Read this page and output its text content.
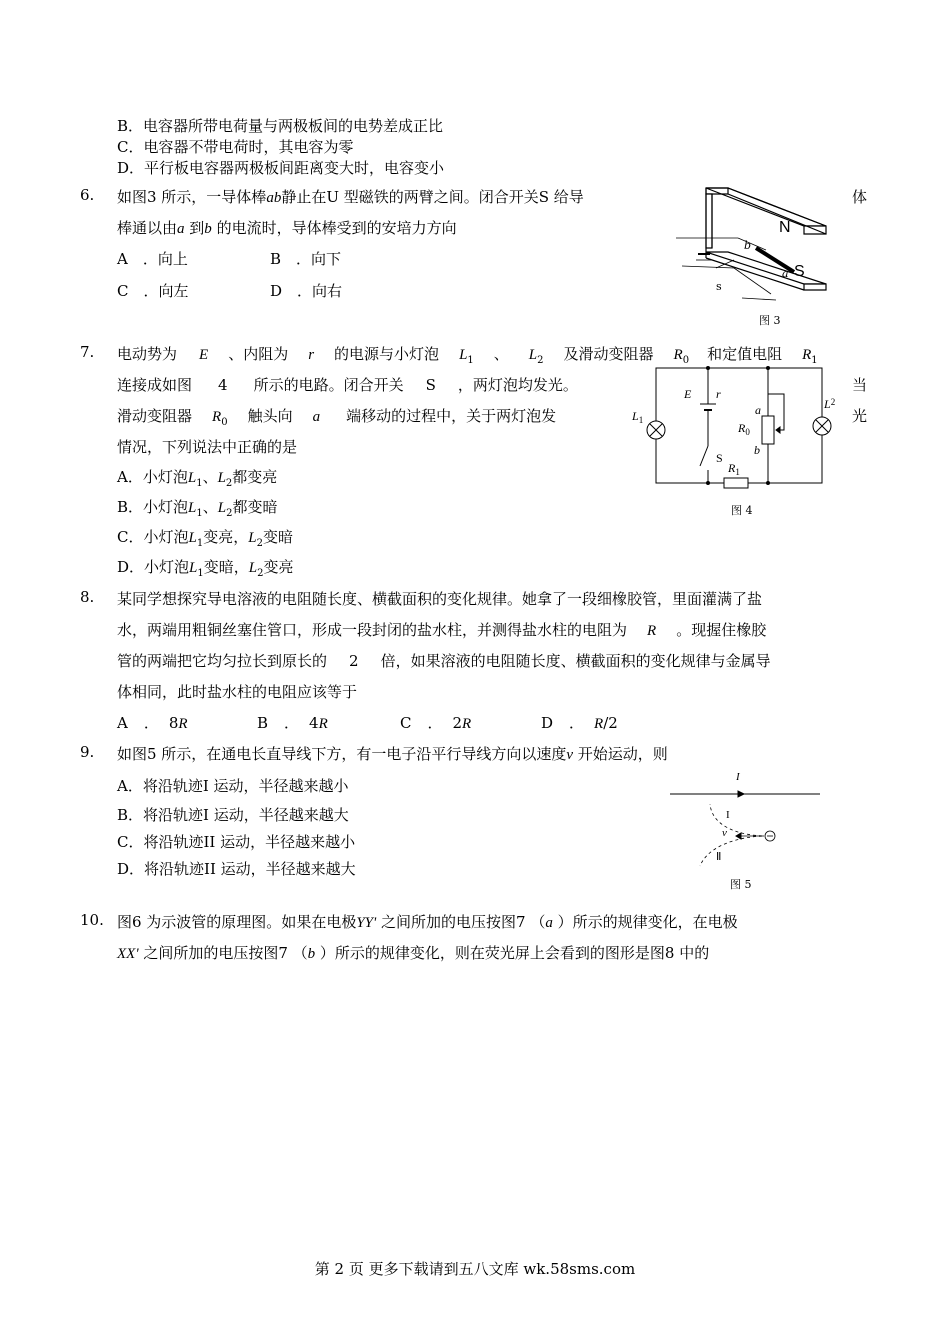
B．电容器所带电荷量与两极板间的电势差成正比
C．电容器不带电荷时，其电容为零
D．平行板电容器两极板间距离变大时，电容变小
6. 如图3 所示，一导体棒ab静止在U 型磁铁的两臂之间。闭合开关S 给导	体
棒通以由a 到b 的电流时，导体棒受到的安培力方向
A　．向上	B　．向下
C　．向左	D　．向右
N
S
b
a
s
图 3
7. 电动势为 E 、内阻为 r 的电源与小灯泡 $L_1$ 、 $L_2$ 及滑动变阻器 $R_0$ 和定值电阻 $R_1$
连接成如图 4 所示的电路。闭合开关 S ，两灯泡均发光。	当
滑动变阻器 $R_0$ 触头向 a 端移动的过程中，关于两灯泡发	光
情况，下列说法中正确的是
A．小灯泡$L_1$、$L_2$都变亮
B．小灯泡$L_1$、$L_2$都变暗
C．小灯泡$L_1$变亮，$L_2$变暗
D．小灯泡$L_1$变暗，$L_2$变亮
E r
$L_1$
$L^2$
a
b
$R_0$
$R_1$
S
图 4
8. 某同学想探究导电溶液的电阻随长度、横截面积的变化规律。她拿了一段细橡胶管，里面灌满了盐
水，两端用粗铜丝塞住管口，形成一段封闭的盐水柱，并测得盐水柱的电阻为 R 。现握住橡胶
管的两端把它均匀拉长到原长的 2 倍，如果溶液的电阻随长度、横截面积的变化规律与金属导
体相同，此时盐水柱的电阻应该等于
A ． 8R	B ． 4R	C ． 2R	D ． R/2
9. 如图5 所示，在通电长直导线下方，有一电子沿平行导线方向以速度v 开始运动，则
A．将沿轨迹I 运动，半径越来越小
B．将沿轨迹I 运动，半径越来越大
C．将沿轨迹II 运动，半径越来越小
D．将沿轨迹II 运动，半径越来越大
I
I
v
Ⅱ
图 5
10. 图6 为示波管的原理图。如果在电极YY' 之间所加的电压按图7 （a ）所示的规律变化，在电极
XX' 之间所加的电压按图7 （b ）所示的规律变化，则在荧光屏上会看到的图形是图8 中的
第 2 页 更多下载请到五八文库 wk.58sms.com
